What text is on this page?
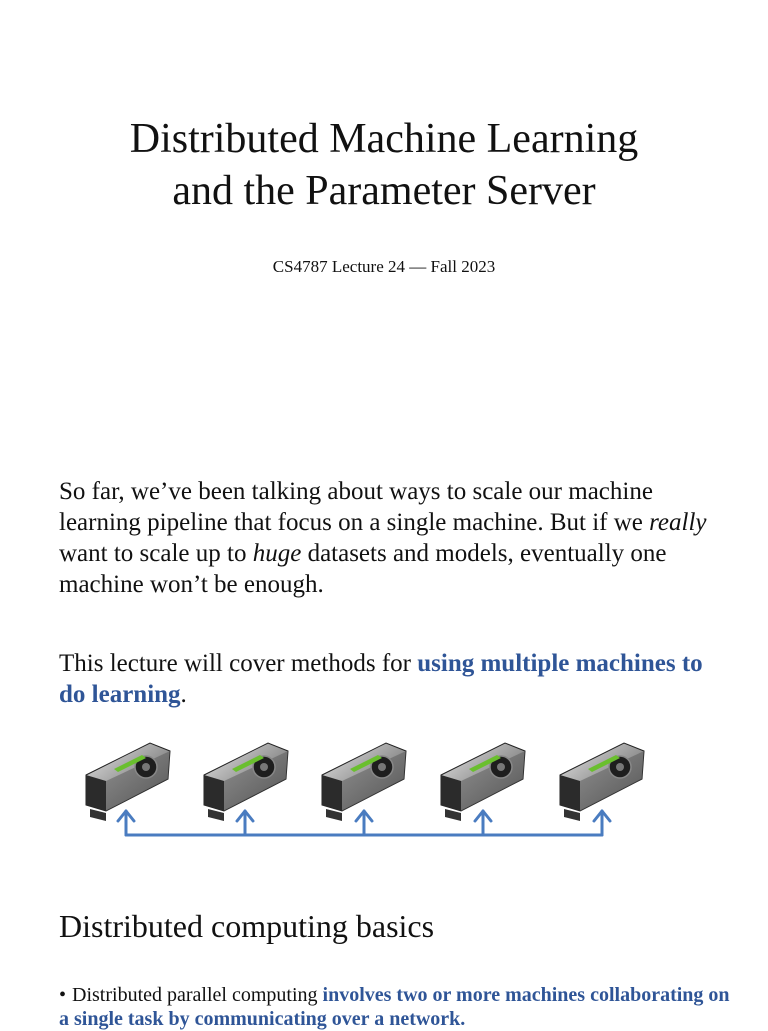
Distributed Machine Learning
and the Parameter Server
CS4787 Lecture 24 — Fall 2023

So far, we’ve been talking about ways to scale our machine learning pipeline that focus on a single machine. But if we really want to scale up to huge datasets and models, eventually one machine won’t be enough.

This lecture will cover methods for using multiple machines to do learning.

Distributed computing basics

• Distributed parallel computing involves two or more machines collaborating on a single task by communicating over a network.
